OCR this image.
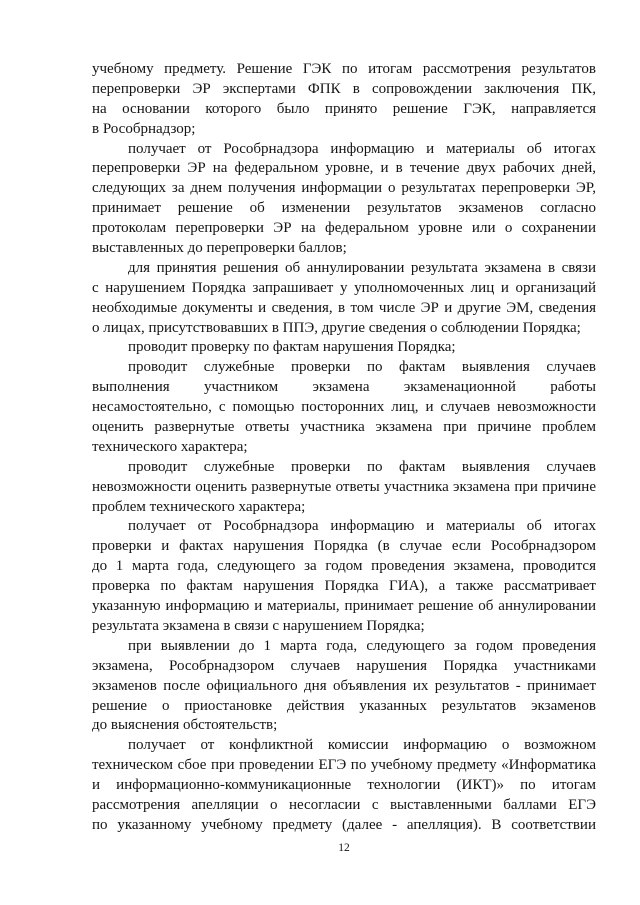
учебному предмету. Решение ГЭК по итогам рассмотрения результатов
перепроверки ЭР экспертами ФПК в сопровождении заключения ПК,
на основании которого было принято решение ГЭК, направляется
в Рособрнадзор;
получает от Рособрнадзора информацию и материалы об итогах
перепроверки ЭР на федеральном уровне, и в течение двух рабочих дней,
следующих за днем получения информации о результатах перепроверки ЭР,
принимает решение об изменении результатов экзаменов согласно
протоколам перепроверки ЭР на федеральном уровне или о сохранении
выставленных до перепроверки баллов;
для принятия решения об аннулировании результата экзамена в связи
с нарушением Порядка запрашивает у уполномоченных лиц и организаций
необходимые документы и сведения, в том числе ЭР и другие ЭМ, сведения
о лицах, присутствовавших в ППЭ, другие сведения о соблюдении Порядка;
проводит проверку по фактам нарушения Порядка;
проводит служебные проверки по фактам выявления случаев
выполнения участником экзамена экзаменационной работы
несамостоятельно, с помощью посторонних лиц, и случаев невозможности
оценить развернутые ответы участника экзамена при причине проблем
технического характера;
проводит служебные проверки по фактам выявления случаев
невозможности оценить развернутые ответы участника экзамена при причине
проблем технического характера;
получает от Рособрнадзора информацию и материалы об итогах
проверки и фактах нарушения Порядка (в случае если Рособрнадзором
до 1 марта года, следующего за годом проведения экзамена, проводится
проверка по фактам нарушения Порядка ГИА), а также рассматривает
указанную информацию и материалы, принимает решение об аннулировании
результата экзамена в связи с нарушением Порядка;
при выявлении до 1 марта года, следующего за годом проведения
экзамена, Рособрнадзором случаев нарушения Порядка участниками
экзаменов после официального дня объявления их результатов - принимает
решение о приостановке действия указанных результатов экзаменов
до выяснения обстоятельств;
получает от конфликтной комиссии информацию о возможном
техническом сбое при проведении ЕГЭ по учебному предмету «Информатика
и информационно-коммуникационные технологии (ИКТ)» по итогам
рассмотрения апелляции о несогласии с выставленными баллами ЕГЭ
по указанному учебному предмету (далее - апелляция). В соответствии
12
